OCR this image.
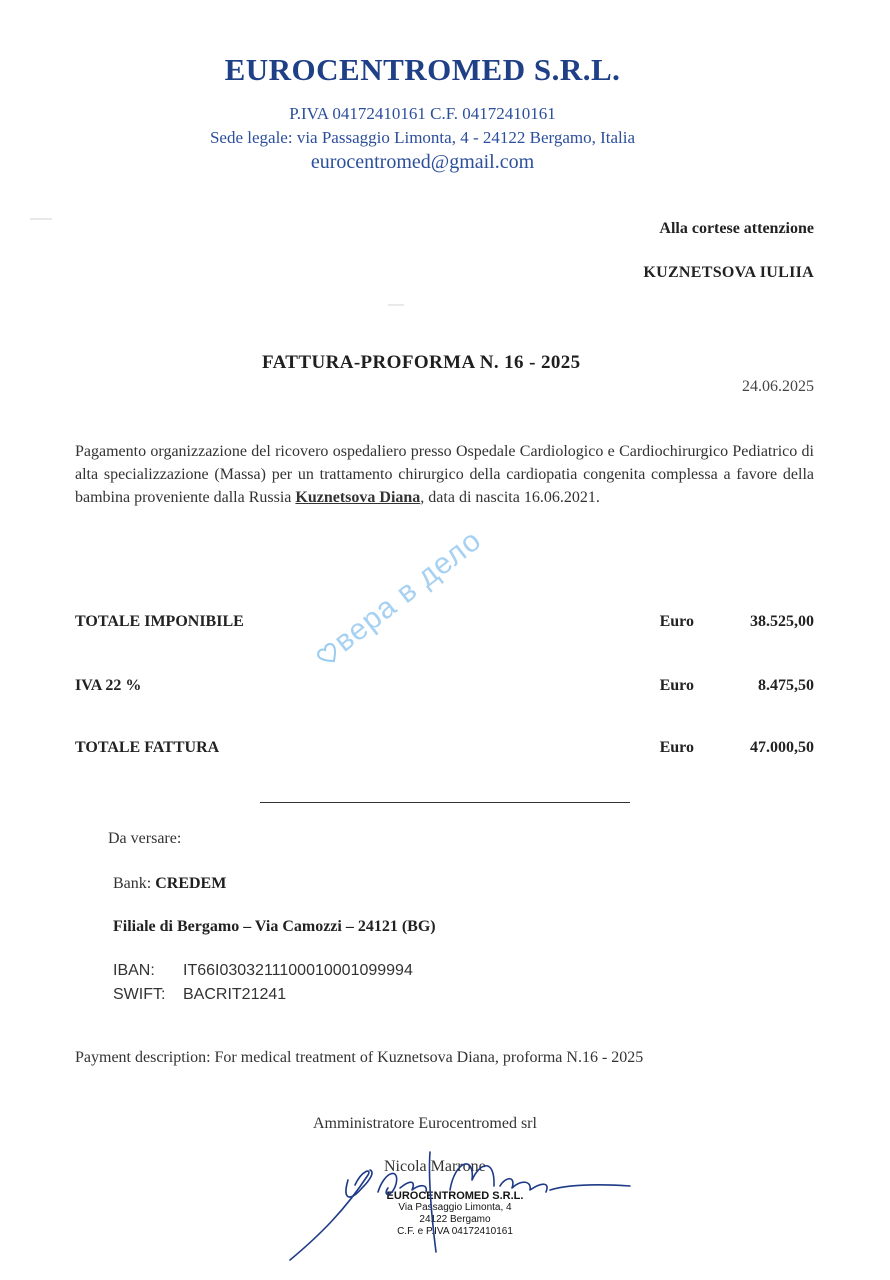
EUROCENTROMED S.R.L.
P.IVA 04172410161 C.F. 04172410161
Sede legale: via Passaggio Limonta, 4 - 24122 Bergamo, Italia
eurocentromed@gmail.com
Alla cortese attenzione
KUZNETSOVA IULIIA
FATTURA-PROFORMA N. 16 - 2025
24.06.2025
Pagamento organizzazione del ricovero ospedaliero presso Ospedale Cardiologico e Cardiochirurgico Pediatrico di alta specializzazione (Massa) per un trattamento chirurgico della cardiopatia congenita complessa a favore della bambina proveniente dalla Russia Kuznetsova Diana, data di nascita 16.06.2021.
TOTALE IMPONIBILE	Euro	38.525,00
IVA 22 %	Euro	8.475,50
TOTALE FATTURA	Euro	47.000,50
Da versare:
Bank: CREDEM
Filiale di Bergamo – Via Camozzi – 24121 (BG)
IBAN: IT66I0303211100010001099994
SWIFT: BACRIT21241
Payment description: For medical treatment of Kuznetsova Diana, proforma N.16 - 2025
Amministratore Eurocentromed srl
Nicola Marrone
EUROCENTROMED S.R.L.
Via Passaggio Limonta, 4
24122 Bergamo
C.F. e P.IVA 04172410161
вера в дело
